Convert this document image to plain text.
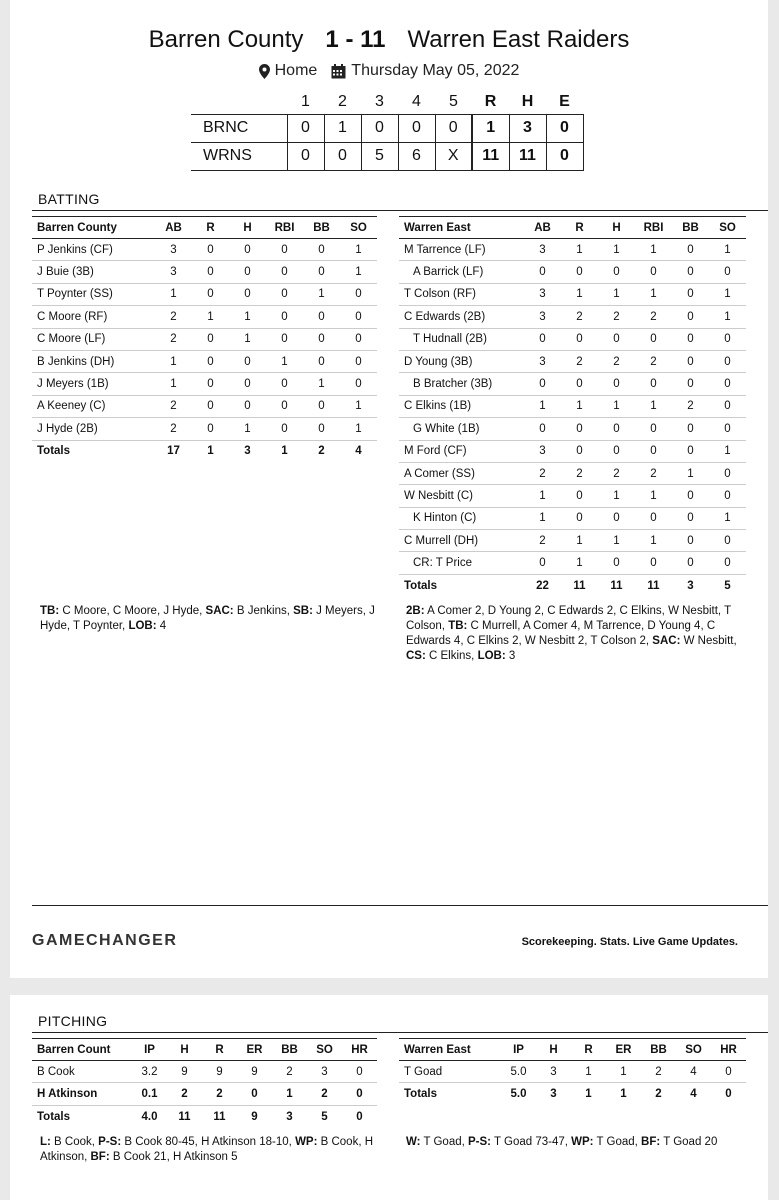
Barren County 1 - 11 Warren East Raiders
Home Thursday May 05, 2022
	1	2	3	4	5	R	H	E
BRNC	0	1	0	0	0	1	3	0
WRNS	0	0	5	6	X	11	11	0
BATTING
Barren County	AB	R	H	RBI	BB	SO
P Jenkins (CF)	3	0	0	0	0	1
J Buie (3B)	3	0	0	0	0	1
T Poynter (SS)	1	0	0	0	1	0
C Moore (RF)	2	1	1	0	0	0
C Moore (LF)	2	0	1	0	0	0
B Jenkins (DH)	1	0	0	1	0	0
J Meyers (1B)	1	0	0	0	1	0
A Keeney (C)	2	0	0	0	0	1
J Hyde (2B)	2	0	1	0	0	1
Totals	17	1	3	1	2	4
Warren East	AB	R	H	RBI	BB	SO
M Tarrence (LF)	3	1	1	1	0	1
A Barrick (LF)	0	0	0	0	0	0
T Colson (RF)	3	1	1	1	0	1
C Edwards (2B)	3	2	2	2	0	1
T Hudnall (2B)	0	0	0	0	0	0
D Young (3B)	3	2	2	2	0	0
B Bratcher (3B)	0	0	0	0	0	0
C Elkins (1B)	1	1	1	1	2	0
G White (1B)	0	0	0	0	0	0
M Ford (CF)	3	0	0	0	0	1
A Comer (SS)	2	2	2	2	1	0
W Nesbitt (C)	1	0	1	1	0	0
K Hinton (C)	1	0	0	0	0	1
C Murrell (DH)	2	1	1	1	0	0
CR: T Price	0	1	0	0	0	0
Totals	22	11	11	11	3	5
TB: C Moore, C Moore, J Hyde, SAC: B Jenkins, SB: J Meyers, J Hyde, T Poynter, LOB: 4
2B: A Comer 2, D Young 2, C Edwards 2, C Elkins, W Nesbitt, T Colson, TB: C Murrell, A Comer 4, M Tarrence, D Young 4, C Edwards 4, C Elkins 2, W Nesbitt 2, T Colson 2, SAC: W Nesbitt, CS: C Elkins, LOB: 3
GAMECHANGER	Scorekeeping. Stats. Live Game Updates.
PITCHING
Barren Count	IP	H	R	ER	BB	SO	HR
B Cook	3.2	9	9	9	2	3	0
H Atkinson	0.1	2	2	0	1	2	0
Totals	4.0	11	11	9	3	5	0
Warren East	IP	H	R	ER	BB	SO	HR
T Goad	5.0	3	1	1	2	4	0
Totals	5.0	3	1	1	2	4	0
L: B Cook, P-S: B Cook 80-45, H Atkinson 18-10, WP: B Cook, H Atkinson, BF: B Cook 21, H Atkinson 5
W: T Goad, P-S: T Goad 73-47, WP: T Goad, BF: T Goad 20
